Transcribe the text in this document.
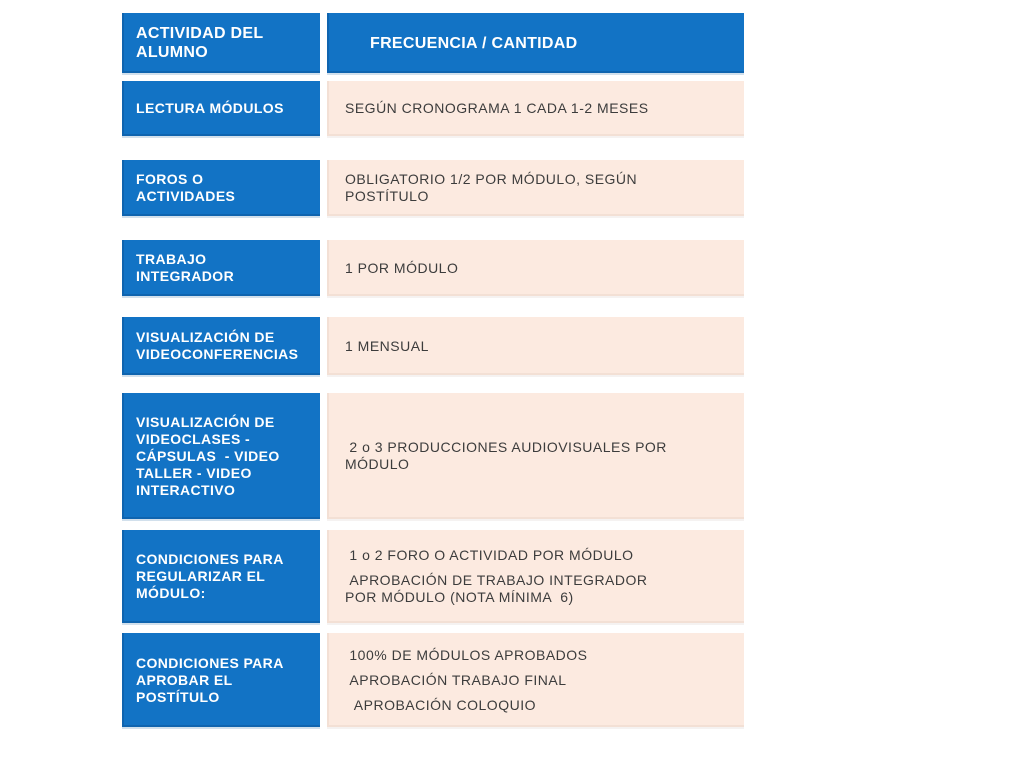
ACTIVIDAD DEL ALUMNO
FRECUENCIA / CANTIDAD
LECTURA MÓDULOS	SEGÚN CRONOGRAMA 1 CADA 1-2 MESES

FOROS O ACTIVIDADES

OBLIGATORIO 1/2 POR MÓDULO, SEGÚN POSTÍTULO

TRABAJO INTEGRADOR

1 POR MÓDULO

VISUALIZACIÓN DE VIDEOCONFERENCIAS

1 MENSUAL

VISUALIZACIÓN DE VIDEOCLASES - CÁPSULAS  - VIDEO TALLER - VIDEO INTERACTIVO

2 o 3 PRODUCCIONES AUDIOVISUALES POR MÓDULO

CONDICIONES PARA REGULARIZAR EL MÓDULO:

1 o 2 FORO O ACTIVIDAD POR MÓDULO

APROBACIÓN DE TRABAJO INTEGRADOR POR MÓDULO (NOTA MÍNIMA  6)

CONDICIONES PARA APROBAR EL POSTÍTULO

100% DE MÓDULOS APROBADOS

APROBACIÓN TRABAJO FINAL

APROBACIÓN COLOQUIO
